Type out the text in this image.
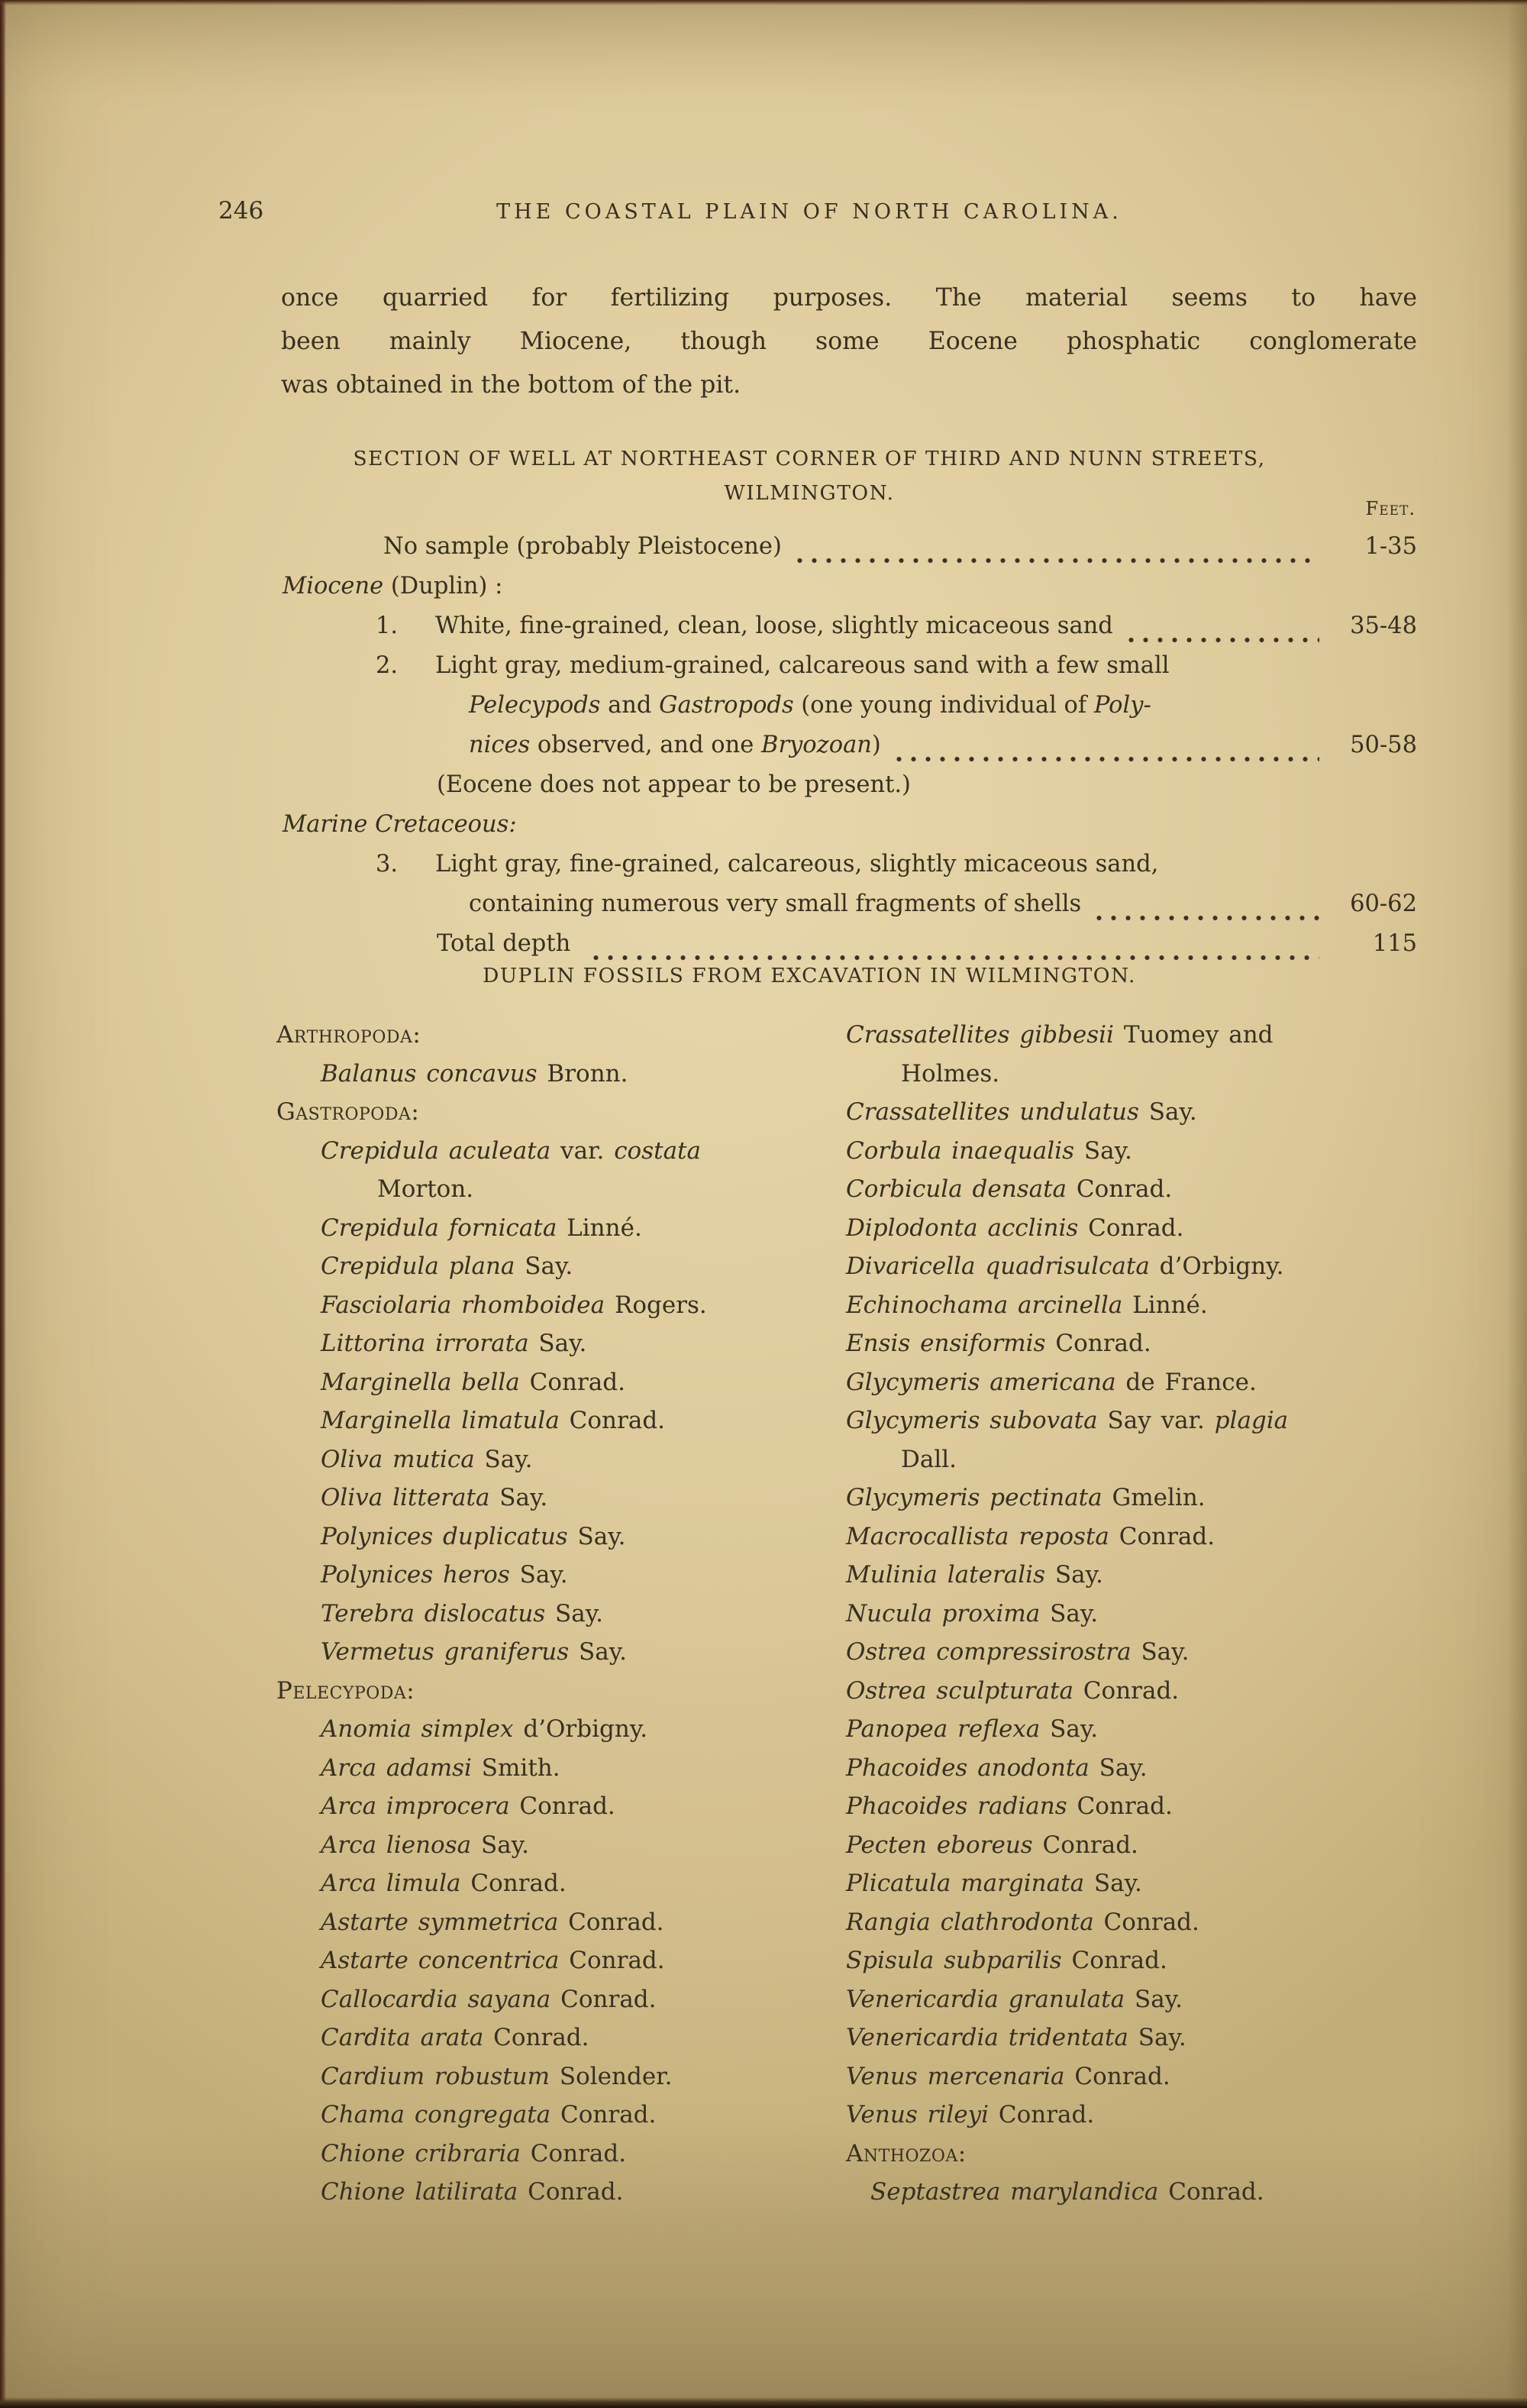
246	THE COASTAL PLAIN OF NORTH CAROLINA.
once quarried for fertilizing purposes. The material seems to have
been mainly Miocene, though some Eocene phosphatic conglomerate
was obtained in the bottom of the pit.
SECTION OF WELL AT NORTHEAST CORNER OF THIRD AND NUNN STREETS,
WILMINGTON.
Feet.
No sample (probably Pleistocene)	1-35
Miocene (Duplin) :
1.	White, fine-grained, clean, loose, slightly micaceous sand	35-48
2.	Light gray, medium-grained, calcareous sand with a few small
Pelecypods and Gastropods (one young individual of Poly-
nices observed, and one Bryozoan)	50-58
(Eocene does not appear to be present.)
Marine Cretaceous:
3.	Light gray, fine-grained, calcareous, slightly micaceous sand,
containing numerous very small fragments of shells	60-62
Total depth	115
DUPLIN FOSSILS FROM EXCAVATION IN WILMINGTON.
Arthropoda:
Balanus concavus Bronn.
Gastropoda:
Crepidula aculeata var. costata
Morton.
Crepidula fornicata Linné.
Crepidula plana Say.
Fasciolaria rhomboidea Rogers.
Littorina irrorata Say.
Marginella bella Conrad.
Marginella limatula Conrad.
Oliva mutica Say.
Oliva litterata Say.
Polynices duplicatus Say.
Polynices heros Say.
Terebra dislocatus Say.
Vermetus graniferus Say.
Pelecypoda:
Anomia simplex d’Orbigny.
Arca adamsi Smith.
Arca improcera Conrad.
Arca lienosa Say.
Arca limula Conrad.
Astarte symmetrica Conrad.
Astarte concentrica Conrad.
Callocardia sayana Conrad.
Cardita arata Conrad.
Cardium robustum Solender.
Chama congregata Conrad.
Chione cribraria Conrad.
Chione latilirata Conrad.
Crassatellites gibbesii Tuomey and
Holmes.
Crassatellites undulatus Say.
Corbula inaequalis Say.
Corbicula densata Conrad.
Diplodonta acclinis Conrad.
Divaricella quadrisulcata d’Orbigny.
Echinochama arcinella Linné.
Ensis ensiformis Conrad.
Glycymeris americana de France.
Glycymeris subovata Say var. plagia
Dall.
Glycymeris pectinata Gmelin.
Macrocallista reposta Conrad.
Mulinia lateralis Say.
Nucula proxima Say.
Ostrea compressirostra Say.
Ostrea sculpturata Conrad.
Panopea reflexa Say.
Phacoides anodonta Say.
Phacoides radians Conrad.
Pecten eboreus Conrad.
Plicatula marginata Say.
Rangia clathrodonta Conrad.
Spisula subparilis Conrad.
Venericardia granulata Say.
Venericardia tridentata Say.
Venus mercenaria Conrad.
Venus rileyi Conrad.
Anthozoa:
Septastrea marylandica Conrad.
